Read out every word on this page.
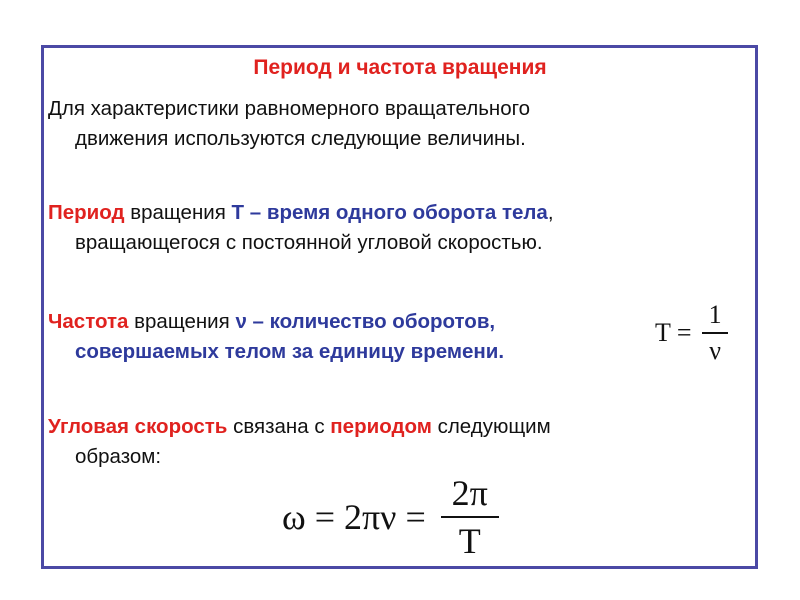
Период и частота вращения
Для характеристики равномерного вращательного
движения используются следующие величины.
Период вращения T – время одного оборота тела,
вращающегося с постоянной угловой скоростью.
Частота вращения ν – количество оборотов,
совершаемых телом за единицу времени.
$T = \frac{1}{\nu}$
Угловая скорость связана с периодом следующим
образом:
$\omega = 2\pi\nu = \frac{2\pi}{T}$
